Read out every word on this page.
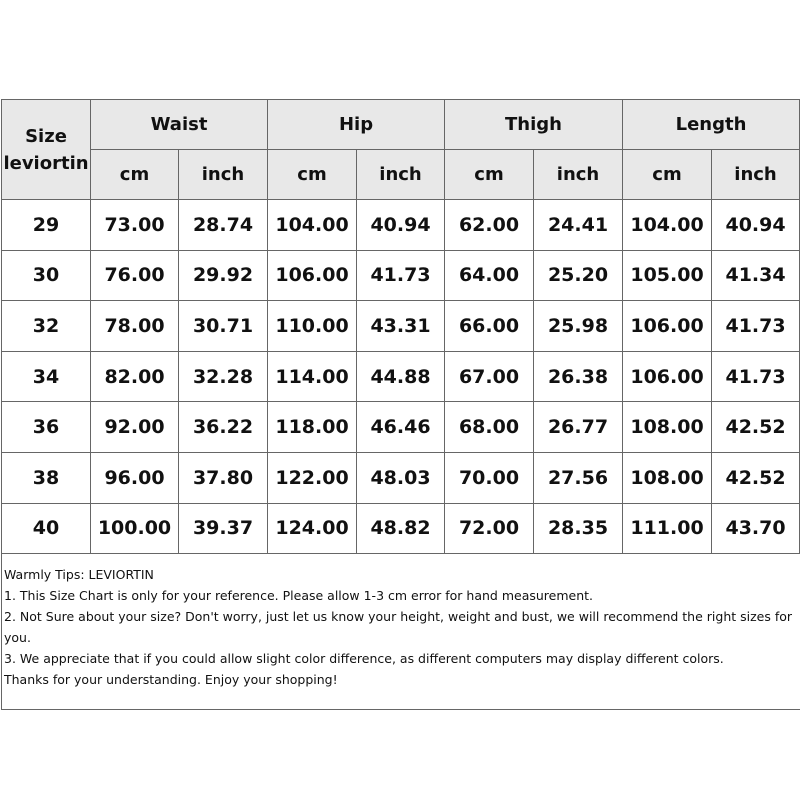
Size
leviortin	Waist		Hip		Thigh		Length	
	cm	inch	cm	inch	cm	inch	cm	inch
29	73.00	28.74	104.00	40.94	62.00	24.41	104.00	40.94
30	76.00	29.92	106.00	41.73	64.00	25.20	105.00	41.34
32	78.00	30.71	110.00	43.31	66.00	25.98	106.00	41.73
34	82.00	32.28	114.00	44.88	67.00	26.38	106.00	41.73
36	92.00	36.22	118.00	46.46	68.00	26.77	108.00	42.52
38	96.00	37.80	122.00	48.03	70.00	27.56	108.00	42.52
40	100.00	39.37	124.00	48.82	72.00	28.35	111.00	43.70
Warmly Tips: LEVIORTIN
1. This Size Chart is only for your reference. Please allow 1-3 cm error for hand measurement.
2. Not Sure about your size? Don't worry, just let us know your height, weight and bust, we will recommend the right sizes for you.
3. We appreciate that if you could allow slight color difference, as different computers may display different colors.
Thanks for your understanding. Enjoy your shopping!
